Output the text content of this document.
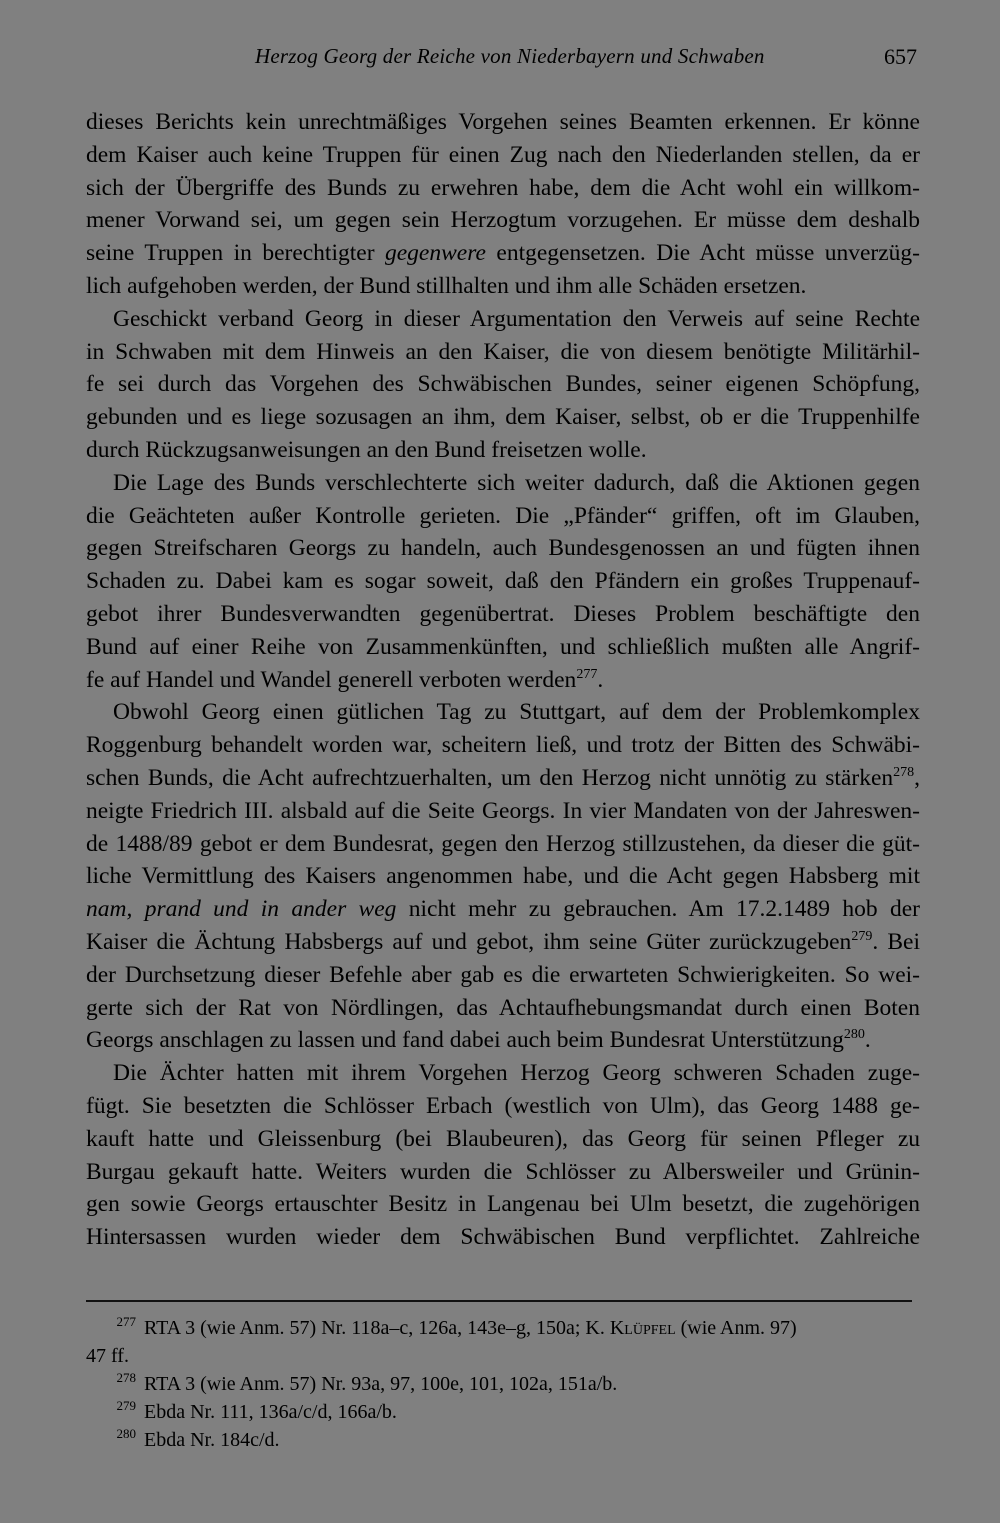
Herzog Georg der Reiche von Niederbayern und Schwaben	657
dieses Berichts kein unrechtmäßiges Vorgehen seines Beamten erkennen. Er könne
dem Kaiser auch keine Truppen für einen Zug nach den Niederlanden stellen, da er
sich der Übergriffe des Bunds zu erwehren habe, dem die Acht wohl ein willkom-
mener Vorwand sei, um gegen sein Herzogtum vorzugehen. Er müsse dem deshalb
seine Truppen in berechtigter gegenwere entgegensetzen. Die Acht müsse unverzüg-
lich aufgehoben werden, der Bund stillhalten und ihm alle Schäden ersetzen.
Geschickt verband Georg in dieser Argumentation den Verweis auf seine Rechte
in Schwaben mit dem Hinweis an den Kaiser, die von diesem benötigte Militärhil-
fe sei durch das Vorgehen des Schwäbischen Bundes, seiner eigenen Schöpfung,
gebunden und es liege sozusagen an ihm, dem Kaiser, selbst, ob er die Truppenhilfe
durch Rückzugsanweisungen an den Bund freisetzen wolle.
Die Lage des Bunds verschlechterte sich weiter dadurch, daß die Aktionen gegen
die Geächteten außer Kontrolle gerieten. Die „Pfänder“ griffen, oft im Glauben,
gegen Streifscharen Georgs zu handeln, auch Bundesgenossen an und fügten ihnen
Schaden zu. Dabei kam es sogar soweit, daß den Pfändern ein großes Truppenauf-
gebot ihrer Bundesverwandten gegenübertrat. Dieses Problem beschäftigte den
Bund auf einer Reihe von Zusammenkünften, und schließlich mußten alle Angrif-
fe auf Handel und Wandel generell verboten werden$^{277}$.
Obwohl Georg einen gütlichen Tag zu Stuttgart, auf dem der Problemkomplex
Roggenburg behandelt worden war, scheitern ließ, und trotz der Bitten des Schwäbi-
schen Bunds, die Acht aufrechtzuerhalten, um den Herzog nicht unnötig zu stärken$^{278}$,
neigte Friedrich III. alsbald auf die Seite Georgs. In vier Mandaten von der Jahreswen-
de 1488/89 gebot er dem Bundesrat, gegen den Herzog stillzustehen, da dieser die güt-
liche Vermittlung des Kaisers angenommen habe, und die Acht gegen Habsberg mit
nam, prand und in ander weg nicht mehr zu gebrauchen. Am 17.2.1489 hob der
Kaiser die Ächtung Habsbergs auf und gebot, ihm seine Güter zurückzugeben$^{279}$. Bei
der Durchsetzung dieser Befehle aber gab es die erwarteten Schwierigkeiten. So wei-
gerte sich der Rat von Nördlingen, das Achtaufhebungsmandat durch einen Boten
Georgs anschlagen zu lassen und fand dabei auch beim Bundesrat Unterstützung$^{280}$.
Die Ächter hatten mit ihrem Vorgehen Herzog Georg schweren Schaden zuge-
fügt. Sie besetzten die Schlösser Erbach (westlich von Ulm), das Georg 1488 ge-
kauft hatte und Gleissenburg (bei Blaubeuren), das Georg für seinen Pfleger zu
Burgau gekauft hatte. Weiters wurden die Schlösser zu Albersweiler und Grünin-
gen sowie Georgs ertauschter Besitz in Langenau bei Ulm besetzt, die zugehörigen
Hintersassen wurden wieder dem Schwäbischen Bund verpflichtet. Zahlreiche
277 RTA 3 (wie Anm. 57) Nr. 118a–c, 126a, 143e–g, 150a; K. Klüpfel (wie Anm. 97)
47 ff.
278 RTA 3 (wie Anm. 57) Nr. 93a, 97, 100e, 101, 102a, 151a/b.
279 Ebda Nr. 111, 136a/c/d, 166a/b.
280 Ebda Nr. 184c/d.
